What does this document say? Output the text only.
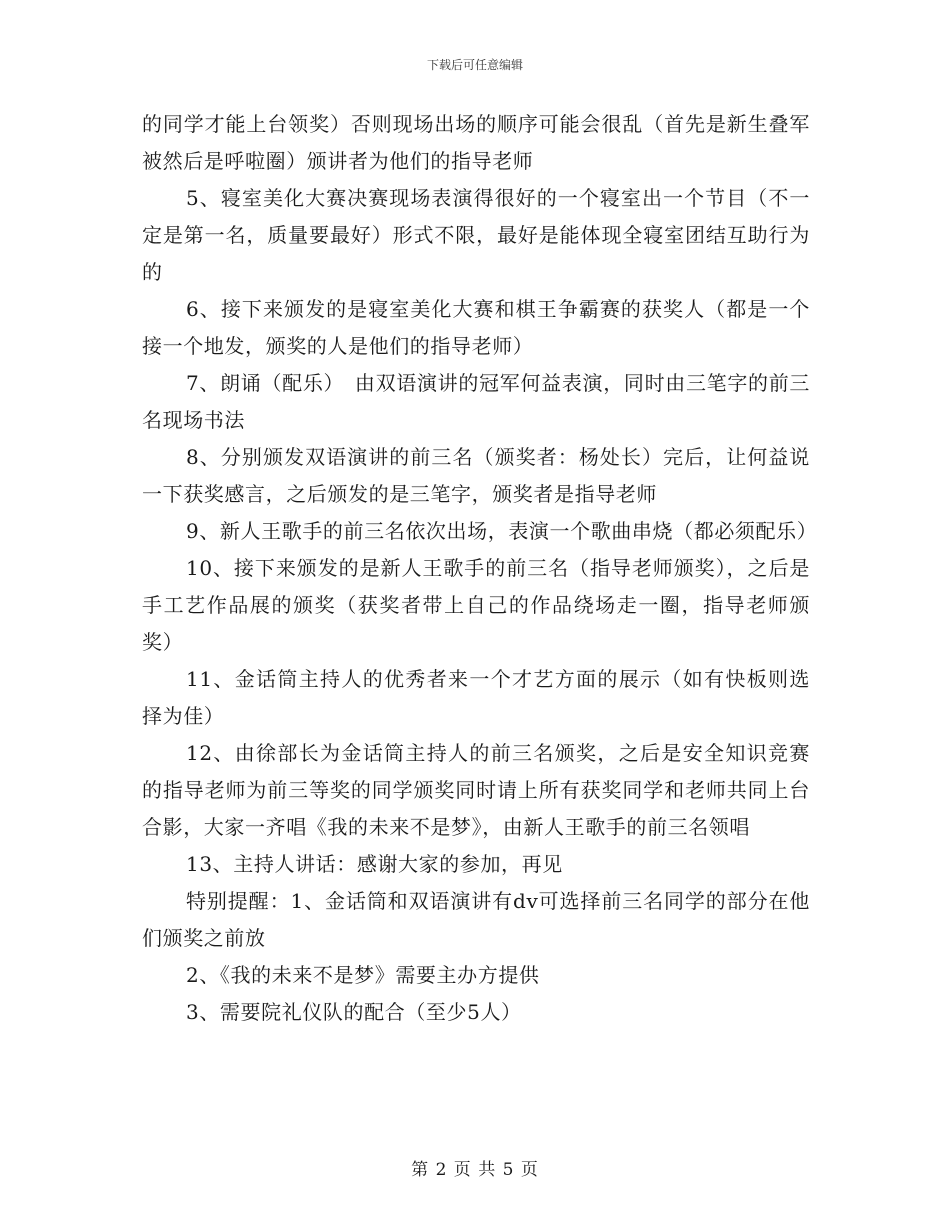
下载后可任意编辑

的同学才能上台领奖）否则现场出场的顺序可能会很乱（首先是新生叠军被然后是呼啦圈）颁讲者为他们的指导老师

5、寝室美化大赛决赛现场表演得很好的一个寝室出一个节目（不一定是第一名，质量要最好）形式不限，最好是能体现全寝室团结互助行为的

6、接下来颁发的是寝室美化大赛和棋王争霸赛的获奖人（都是一个接一个地发，颁奖的人是他们的指导老师）

7、朗诵（配乐）　由双语演讲的冠军何益表演，同时由三笔字的前三名现场书法

8、分别颁发双语演讲的前三名（颁奖者：杨处长）完后，让何益说一下获奖感言，之后颁发的是三笔字，颁奖者是指导老师

9、新人王歌手的前三名依次出场，表演一个歌曲串烧（都必须配乐）

10、接下来颁发的是新人王歌手的前三名（指导老师颁奖），之后是手工艺作品展的颁奖（获奖者带上自己的作品绕场走一圈，指导老师颁奖）

11、金话筒主持人的优秀者来一个才艺方面的展示（如有快板则选择为佳）

12、由徐部长为金话筒主持人的前三名颁奖，之后是安全知识竞赛的指导老师为前三等奖的同学颁奖同时请上所有获奖同学和老师共同上台合影，大家一齐唱《我的未来不是梦》，由新人王歌手的前三名领唱

13、主持人讲话：感谢大家的参加，再见

特别提醒：1、金话筒和双语演讲有dv可选择前三名同学的部分在他们颁奖之前放

2、《我的未来不是梦》需要主办方提供

3、需要院礼仪队的配合（至少5人）

第 2 页 共 5 页
